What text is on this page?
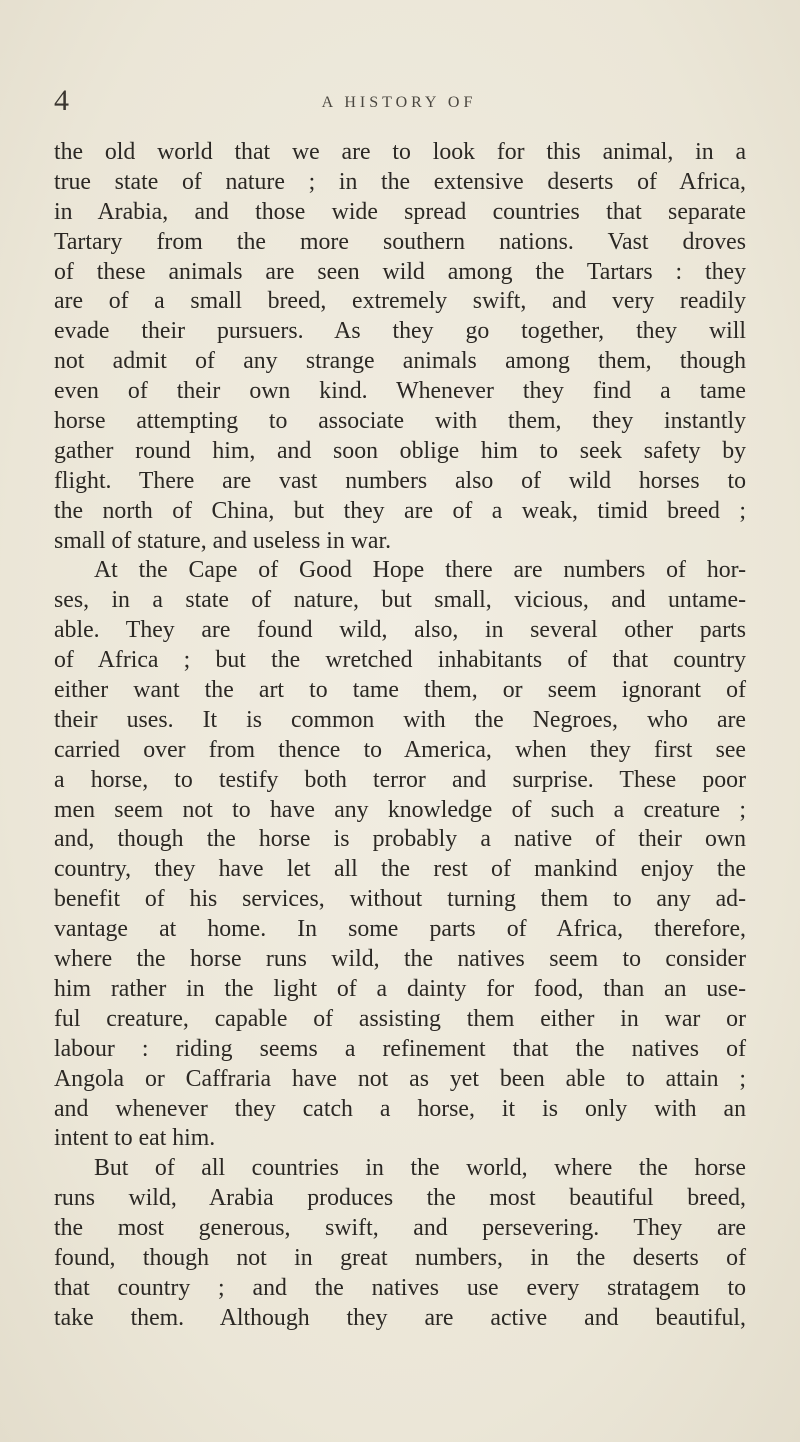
4	A HISTORY OF
the old world that we are to look for this animal, in a
true state of nature ; in the extensive deserts of Africa,
in Arabia, and those wide spread countries that separate
Tartary from the more southern nations. Vast droves
of these animals are seen wild among the Tartars : they
are of a small breed, extremely swift, and very readily
evade their pursuers. As they go together, they will
not admit of any strange animals among them, though
even of their own kind. Whenever they find a tame
horse attempting to associate with them, they instantly
gather round him, and soon oblige him to seek safety by
flight. There are vast numbers also of wild horses to
the north of China, but they are of a weak, timid breed ;
small of stature, and useless in war.
At the Cape of Good Hope there are numbers of hor-
ses, in a state of nature, but small, vicious, and untame-
able. They are found wild, also, in several other parts
of Africa ; but the wretched inhabitants of that country
either want the art to tame them, or seem ignorant of
their uses. It is common with the Negroes, who are
carried over from thence to America, when they first see
a horse, to testify both terror and surprise. These poor
men seem not to have any knowledge of such a creature ;
and, though the horse is probably a native of their own
country, they have let all the rest of mankind enjoy the
benefit of his services, without turning them to any ad-
vantage at home. In some parts of Africa, therefore,
where the horse runs wild, the natives seem to consider
him rather in the light of a dainty for food, than an use-
ful creature, capable of assisting them either in war or
labour : riding seems a refinement that the natives of
Angola or Caffraria have not as yet been able to attain ;
and whenever they catch a horse, it is only with an
intent to eat him.
But of all countries in the world, where the horse
runs wild, Arabia produces the most beautiful breed,
the most generous, swift, and persevering. They are
found, though not in great numbers, in the deserts of
that country ; and the natives use every stratagem to
take them. Although they are active and beautiful,
